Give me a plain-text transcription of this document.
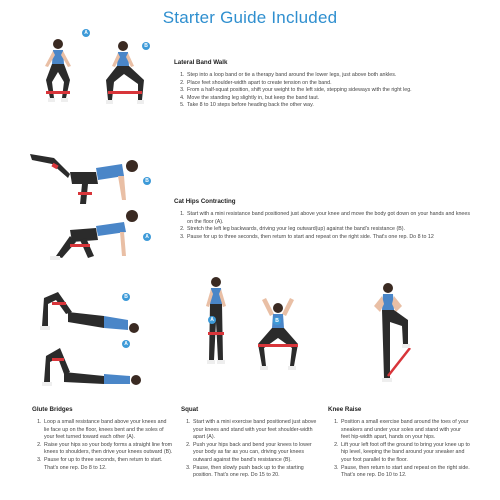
Starter Guide Included
A
B
Lateral Band Walk
1. Step into a loop band or tie a therapy band around the lower legs, just above both ankles.
2. Place feet shoulder-width apart to create tension on the band.
3. From a half-squat position, shift your weight to the left side, stepping sideways with the right leg.
4. Move the standing leg slightly in, but keep the band taut.
5. Take 8 to 10 steps before heading back the other way.
B
A
Cat Hips Contracting
1. Start with a mini resistance band positioned just above your knee and move the body got down on your hands and knees on the floor (A).
2. Stretch the left leg backwards, driving your leg outward(up) against the band's resistance (B).
3. Pause for up to three seconds, then return to start and repeat on the right side. That's one rep. Do 8 to 12
B
A
Glute Bridges
1. Loop a small resistance band above your knees and lie face up on the floor, knees bent and the soles of your feet turned toward each other (A).
2. Raise your hips so your body forms a straight line from knees to shoulders, then drive your knees outward (B).
3. Pause for up to three seconds, then return to start. That's one rep. Do 8 to 12.
A	B
Squat
1. Start with a mini exercise band positioned just above your knees and stand with your feet shoulder-width apart (A).
2. Push your hips back and bend your knees to lower your body as far as you can, driving your knees outward against the band's resistance (B).
3. Pause, then slowly push back up to the starting position. That's one rep. Do 15 to 20.
Knee Raise
1. Position a small exercise band around the toes of your sneakers and under your soles and stand with your feet hip-width apart, hands on your hips.
2. Lift your left foot off the ground to bring your knee up to hip level, keeping the band around your sneaker and your foot parallel to the floor.
3. Pause, then return to start and repeat on the right side. That's one rep. Do 10 to 12.
